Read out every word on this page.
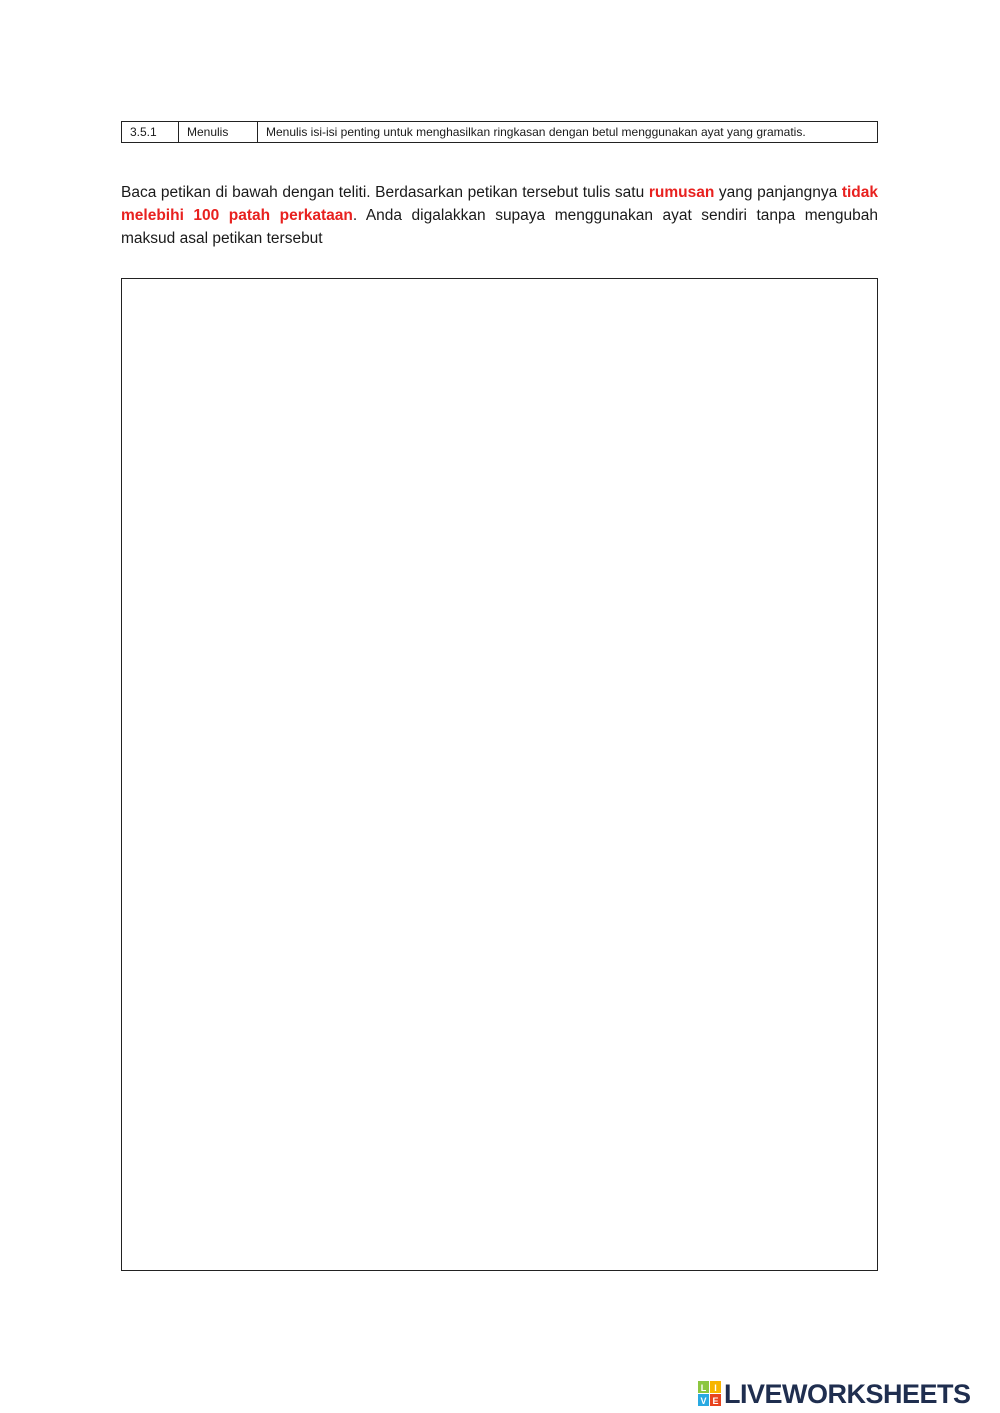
3.5.1	Menulis	Menulis isi-isi penting untuk menghasilkan ringkasan dengan betul menggunakan ayat yang gramatis.
Baca petikan di bawah dengan teliti. Berdasarkan petikan tersebut tulis satu rumusan yang panjangnya tidak melebihi 100 patah perkataan. Anda digalakkan supaya menggunakan ayat sendiri tanpa mengubah maksud asal petikan tersebut
L I
V E LIVEWORKSHEETS
